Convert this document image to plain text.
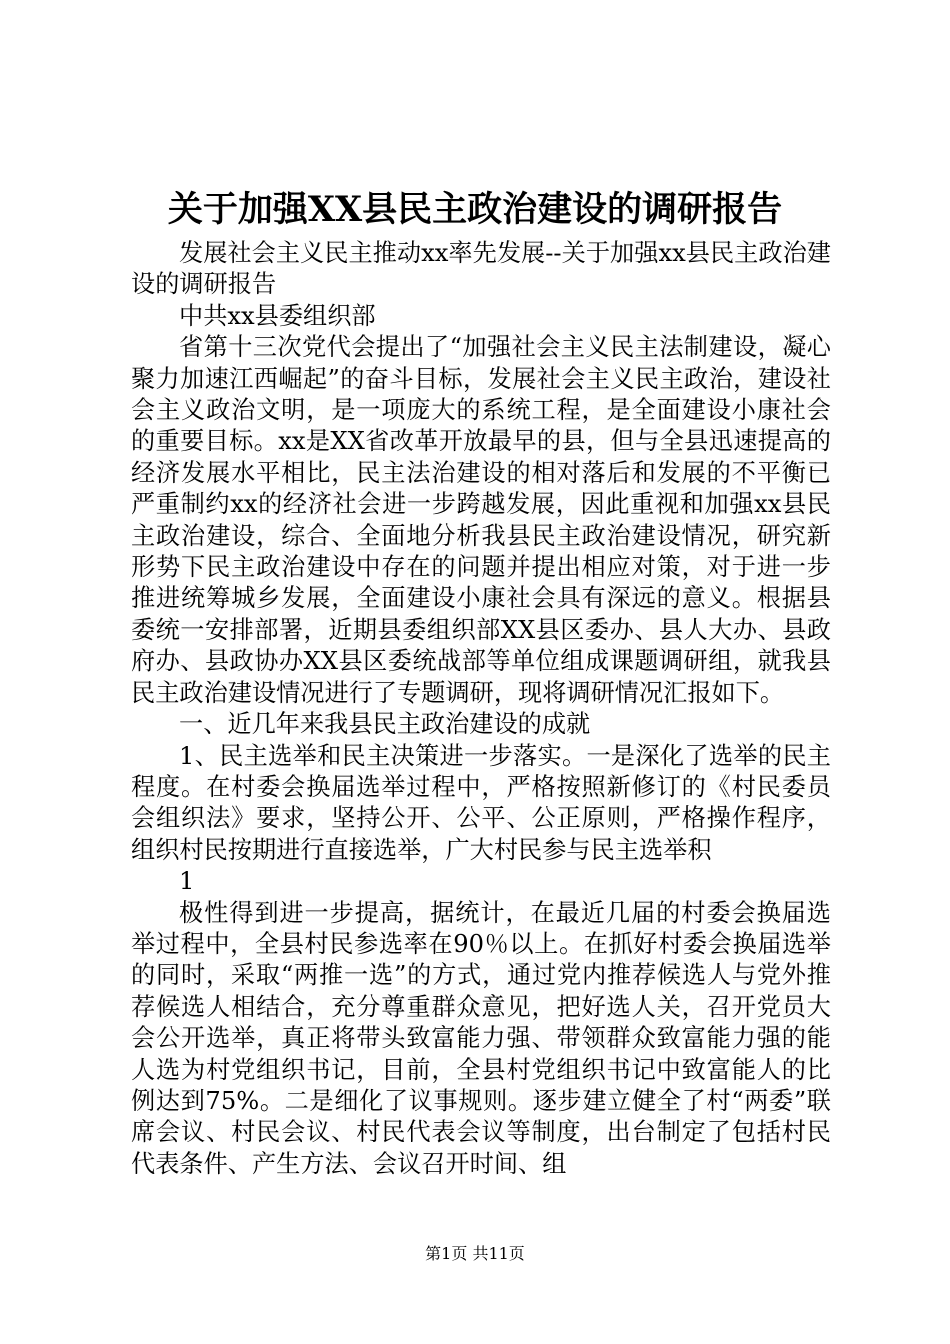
关于加强XX县民主政治建设的调研报告

发展社会主义民主推动xx率先发展--关于加强xx县民主政治建设的调研报告

中共xx县委组织部

省第十三次党代会提出了“加强社会主义民主法制建设，凝心聚力加速江西崛起”的奋斗目标，发展社会主义民主政治，建设社会主义政治文明，是一项庞大的系统工程，是全面建设小康社会的重要目标。xx是XX省改革开放最早的县，但与全县迅速提高的经济发展水平相比，民主法治建设的相对落后和发展的不平衡已严重制约xx的经济社会进一步跨越发展，因此重视和加强xx县民主政治建设，综合、全面地分析我县民主政治建设情况，研究新形势下民主政治建设中存在的问题并提出相应对策，对于进一步推进统筹城乡发展，全面建设小康社会具有深远的意义。根据县委统一安排部署，近期县委组织部XX县区委办、县人大办、县政府办、县政协办XX县区委统战部等单位组成课题调研组，就我县民主政治建设情况进行了专题调研，现将调研情况汇报如下。

一、近几年来我县民主政治建设的成就

1、民主选举和民主决策进一步落实。一是深化了选举的民主程度。在村委会换届选举过程中，严格按照新修订的《村民委员会组织法》要求，坚持公开、公平、公正原则，严格操作程序，组织村民按期进行直接选举，广大村民参与民主选举积

1

极性得到进一步提高，据统计，在最近几届的村委会换届选举过程中，全县村民参选率在90％以上。在抓好村委会换届选举的同时，采取“两推一选”的方式，通过党内推荐候选人与党外推荐候选人相结合，充分尊重群众意见，把好选人关，召开党员大会公开选举，真正将带头致富能力强、带领群众致富能力强的能人选为村党组织书记，目前，全县村党组织书记中致富能人的比例达到75%。二是细化了议事规则。逐步建立健全了村“两委”联席会议、村民会议、村民代表会议等制度，出台制定了包括村民代表条件、产生方法、会议召开时间、组

第1页 共11页
